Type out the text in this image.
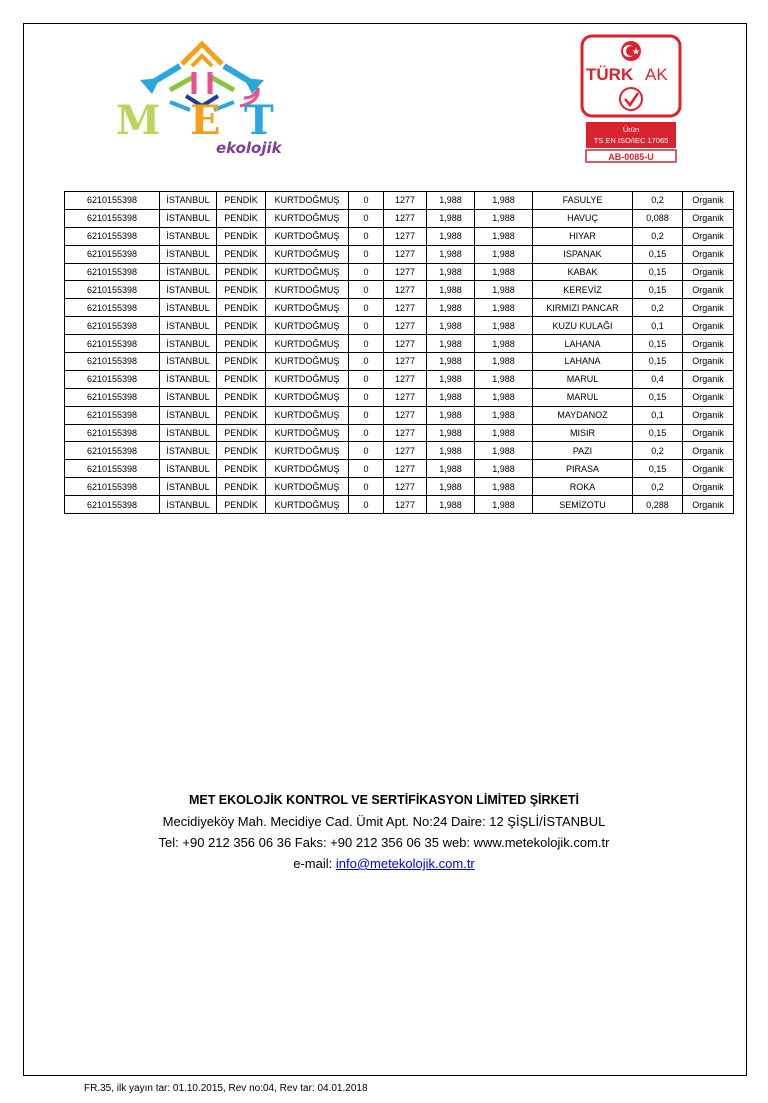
M E T
ekolojik
TÜRK AK
Ürün
TS EN ISO/IEC 17065
AB-0085-U
6210155398	İSTANBUL	PENDİK	KURTDOĞMUŞ	0	1277	1,988	1,988	FASULYE	0,2	Organik
6210155398	İSTANBUL	PENDİK	KURTDOĞMUŞ	0	1277	1,988	1,988	HAVUÇ	0,088	Organik
6210155398	İSTANBUL	PENDİK	KURTDOĞMUŞ	0	1277	1,988	1,988	HIYAR	0,2	Organik
6210155398	İSTANBUL	PENDİK	KURTDOĞMUŞ	0	1277	1,988	1,988	ISPANAK	0,15	Organik
6210155398	İSTANBUL	PENDİK	KURTDOĞMUŞ	0	1277	1,988	1,988	KABAK	0,15	Organik
6210155398	İSTANBUL	PENDİK	KURTDOĞMUŞ	0	1277	1,988	1,988	KEREVİZ	0,15	Organik
6210155398	İSTANBUL	PENDİK	KURTDOĞMUŞ	0	1277	1,988	1,988	KIRMIZI PANCAR	0,2	Organik
6210155398	İSTANBUL	PENDİK	KURTDOĞMUŞ	0	1277	1,988	1,988	KUZU KULAĞI	0,1	Organik
6210155398	İSTANBUL	PENDİK	KURTDOĞMUŞ	0	1277	1,988	1,988	LAHANA	0,15	Organik
6210155398	İSTANBUL	PENDİK	KURTDOĞMUŞ	0	1277	1,988	1,988	LAHANA	0,15	Organik
6210155398	İSTANBUL	PENDİK	KURTDOĞMUŞ	0	1277	1,988	1,988	MARUL	0,4	Organik
6210155398	İSTANBUL	PENDİK	KURTDOĞMUŞ	0	1277	1,988	1,988	MARUL	0,15	Organik
6210155398	İSTANBUL	PENDİK	KURTDOĞMUŞ	0	1277	1,988	1,988	MAYDANOZ	0,1	Organik
6210155398	İSTANBUL	PENDİK	KURTDOĞMUŞ	0	1277	1,988	1,988	MISIR	0,15	Organik
6210155398	İSTANBUL	PENDİK	KURTDOĞMUŞ	0	1277	1,988	1,988	PAZI	0,2	Organik
6210155398	İSTANBUL	PENDİK	KURTDOĞMUŞ	0	1277	1,988	1,988	PIRASA	0,15	Organik
6210155398	İSTANBUL	PENDİK	KURTDOĞMUŞ	0	1277	1,988	1,988	ROKA	0,2	Organik
6210155398	İSTANBUL	PENDİK	KURTDOĞMUŞ	0	1277	1,988	1,988	SEMİZOTU	0,288	Organik
MET EKOLOJİK KONTROL VE SERTİFİKASYON LİMİTED ŞİRKETİ
Mecidiyeköy Mah. Mecidiye Cad. Ümit Apt. No:24 Daire: 12 ŞİŞLİ/İSTANBUL
Tel: +90 212 356 06 36 Faks: +90 212 356 06 35 web: www.metekolojik.com.tr
e-mail: info@metekolojik.com.tr
FR.35, ilk yayın tar: 01.10.2015, Rev no:04, Rev tar: 04.01.2018
